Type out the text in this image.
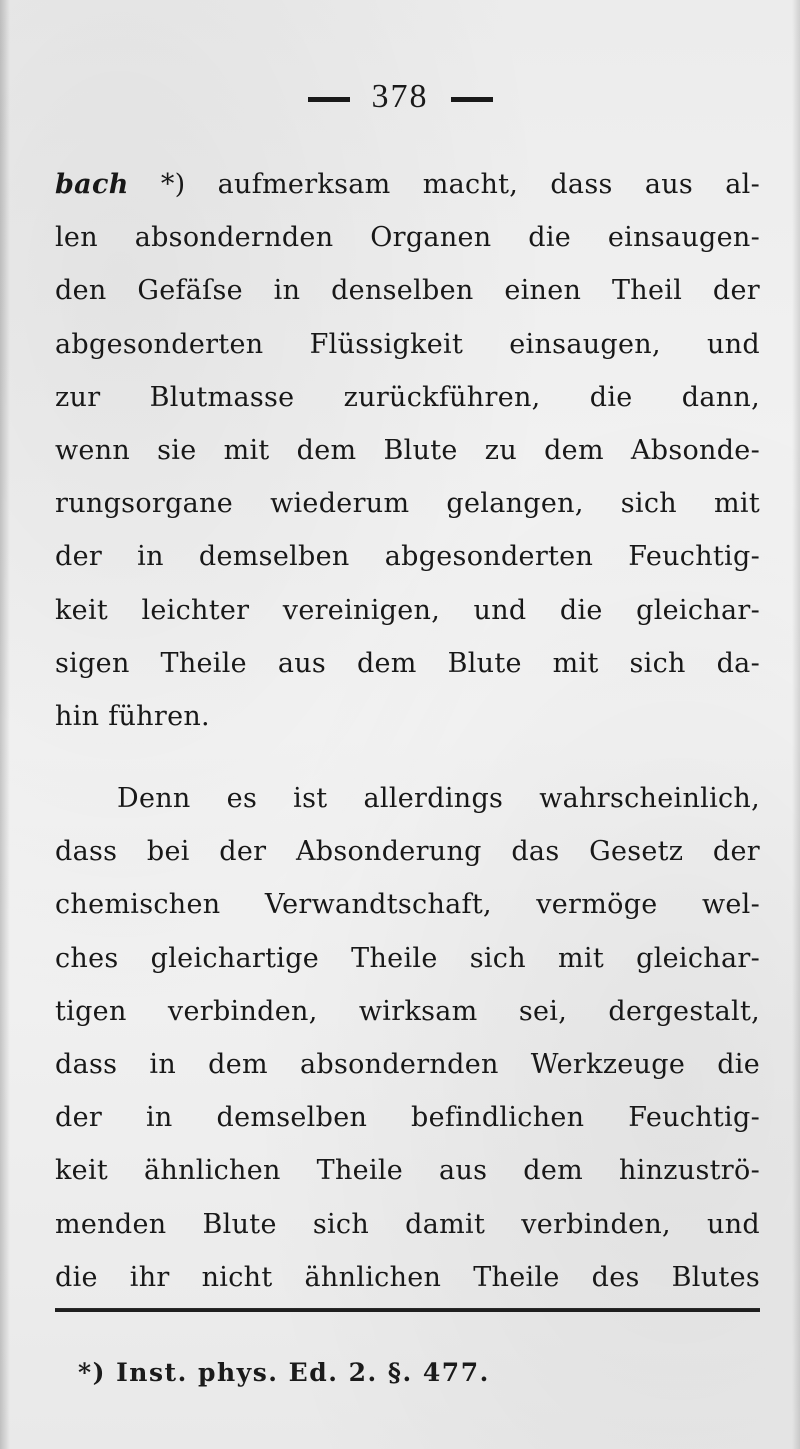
378
bach *) aufmerksam macht, dass aus al-
len absondernden Organen die einsaugen-
den Gefäſse in denselben einen Theil der
abgesonderten Flüssigkeit einsaugen, und
zur Blutmasse zurückführen, die dann,
wenn sie mit dem Blute zu dem Absonde-
rungsorgane wiederum gelangen, sich mit
der in demselben abgesonderten Feuchtig-
keit leichter vereinigen, und die gleichar-
sigen Theile aus dem Blute mit sich da-
hin führen.
Denn es ist allerdings wahrscheinlich,
dass bei der Absonderung das Gesetz der
chemischen Verwandtschaft, vermöge wel-
ches gleichartige Theile sich mit gleichar-
tigen verbinden, wirksam sei, dergestalt,
dass in dem absondernden Werkzeuge die
der in demselben befindlichen Feuchtig-
keit ähnlichen Theile aus dem hinzuströ-
menden Blute sich damit verbinden, und
die ihr nicht ähnlichen Theile des Blutes
*) Inst. phys. Ed. 2. §. 477.
